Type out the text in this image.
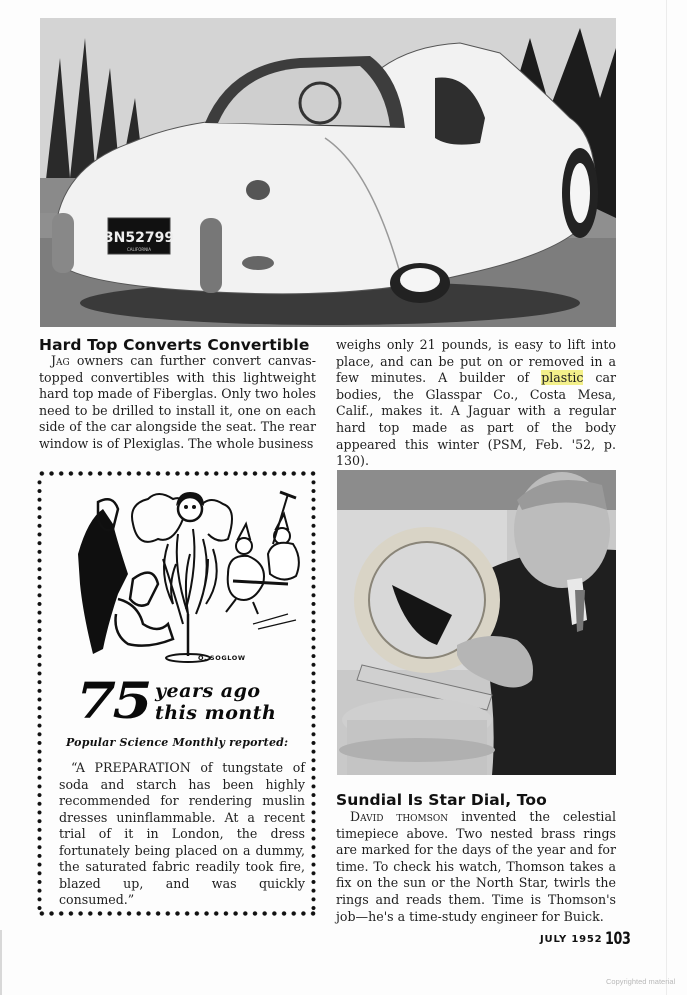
3N52799
CALIFORNIA
Hard Top Converts Convertible
Jag owners can further convert canvas-topped convertibles with this lightweight hard top made of Fiberglas. Only two holes need to be drilled to install it, one on each side of the car alongside the seat. The rear window is of Plexiglas. The whole business
weighs only 21 pounds, is easy to lift into place, and can be put on or removed in a few minutes. A builder of plastic car bodies, the Glasspar Co., Costa Mesa, Calif., makes it. A Jaguar with a regular hard top made as part of the body appeared this winter (PSM, Feb. '52, p. 130).
O. SOGLOW
75 years ago
this month
Popular Science Monthly reported:
“A PREPARATION of tungstate of soda and starch has been highly recommended for rendering muslin dresses uninflammable. At a recent trial of it in London, the dress fortunately being placed on a dummy, the saturated fabric readily took fire, blazed up, and was quickly consumed.”
Sundial Is Star Dial, Too
David thomson invented the celestial timepiece above. Two nested brass rings are marked for the days of the year and for time. To check his watch, Thomson takes a fix on the sun or the North Star, twirls the rings and reads them. Time is Thomson's job—he's a time-study engineer for Buick.
JULY 1952 103
Copyrighted material
